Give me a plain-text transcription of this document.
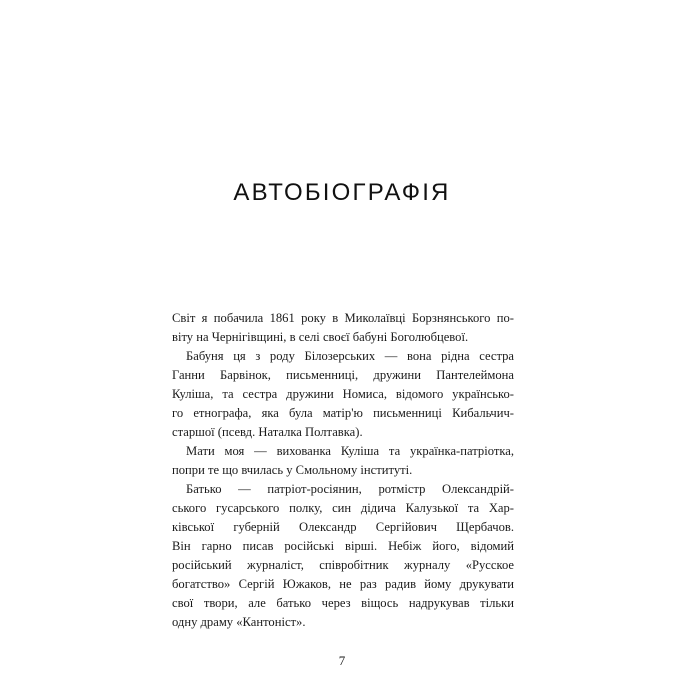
АВТОБІОГРАФІЯ
Світ я побачила 1861 року в Миколаївці Борзнянського по-
віту на Чернігівщині, в селі своєї бабуні Боголюбцевої.
Бабуня ця з роду Білозерських — вона рідна сестра
Ганни Барвінок, письменниці, дружини Пантелеймона
Куліша, та сестра дружини Номиса, відомого українсько-
го етнографа, яка була матір'ю письменниці Кибальчич-
старшої (псевд. Наталка Полтавка).
Мати моя — вихованка Куліша та українка-патріотка,
попри те що вчилась у Смольному інституті.
Батько — патріот-росіянин, ротмістр Олександрій-
ського гусарського полку, син дідича Калузької та Хар-
ківської губерній Олександр Сергійович Щербачов.
Він гарно писав російські вірші. Небіж його, відомий
російський журналіст, співробітник журналу «Русское
богатство» Сергій Южаков, не раз радив йому друкувати
свої твори, але батько через віщось надрукував тільки
одну драму «Кантоніст».
7
